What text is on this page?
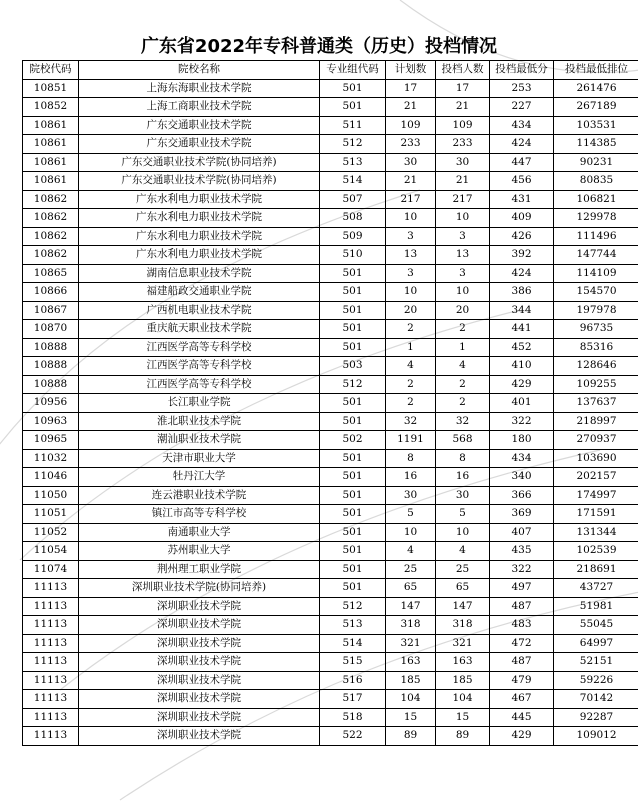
广东省2022年专科普通类（历史）投档情况
院校代码	院校名称	专业组代码	计划数	投档人数	投档最低分	投档最低排位
10851	上海东海职业技术学院	501	17	17	253	261476
10852	上海工商职业技术学院	501	21	21	227	267189
10861	广东交通职业技术学院	511	109	109	434	103531
10861	广东交通职业技术学院	512	233	233	424	114385
10861	广东交通职业技术学院(协同培养)	513	30	30	447	90231
10861	广东交通职业技术学院(协同培养)	514	21	21	456	80835
10862	广东水利电力职业技术学院	507	217	217	431	106821
10862	广东水利电力职业技术学院	508	10	10	409	129978
10862	广东水利电力职业技术学院	509	3	3	426	111496
10862	广东水利电力职业技术学院	510	13	13	392	147744
10865	湖南信息职业技术学院	501	3	3	424	114109
10866	福建船政交通职业学院	501	10	10	386	154570
10867	广西机电职业技术学院	501	20	20	344	197978
10870	重庆航天职业技术学院	501	2	2	441	96735
10888	江西医学高等专科学校	501	1	1	452	85316
10888	江西医学高等专科学校	503	4	4	410	128646
10888	江西医学高等专科学校	512	2	2	429	109255
10956	长江职业学院	501	2	2	401	137637
10963	淮北职业技术学院	501	32	32	322	218997
10965	潮汕职业技术学院	502	1191	568	180	270937
11032	天津市职业大学	501	8	8	434	103690
11046	牡丹江大学	501	16	16	340	202157
11050	连云港职业技术学院	501	30	30	366	174997
11051	镇江市高等专科学校	501	5	5	369	171591
11052	南通职业大学	501	10	10	407	131344
11054	苏州职业大学	501	4	4	435	102539
11074	荆州理工职业学院	501	25	25	322	218691
11113	深圳职业技术学院(协同培养)	501	65	65	497	43727
11113	深圳职业技术学院	512	147	147	487	51981
11113	深圳职业技术学院	513	318	318	483	55045
11113	深圳职业技术学院	514	321	321	472	64997
11113	深圳职业技术学院	515	163	163	487	52151
11113	深圳职业技术学院	516	185	185	479	59226
11113	深圳职业技术学院	517	104	104	467	70142
11113	深圳职业技术学院	518	15	15	445	92287
11113	深圳职业技术学院	522	89	89	429	109012
